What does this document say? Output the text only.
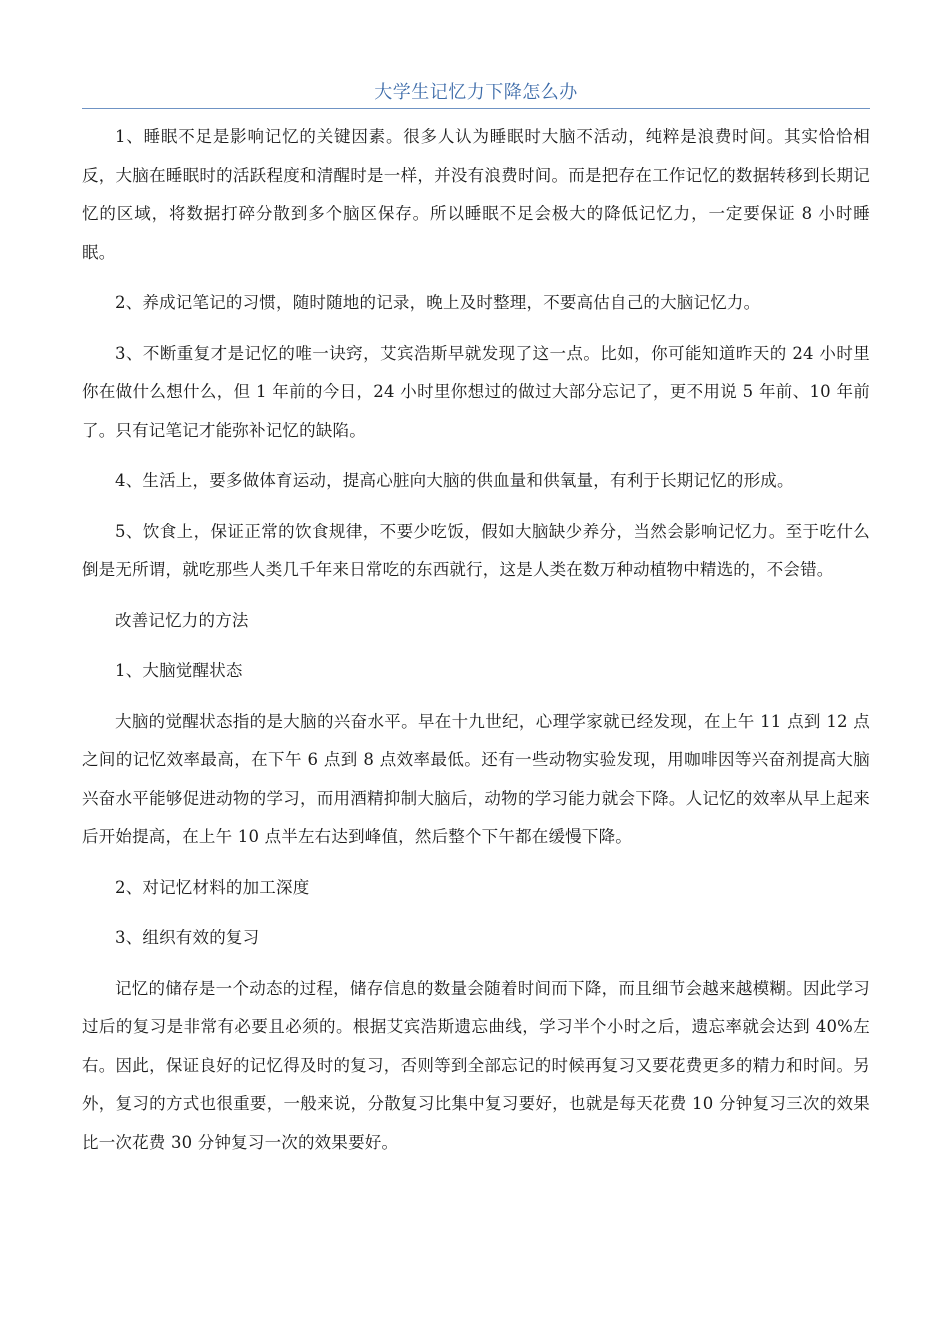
大学生记忆力下降怎么办

1、睡眠不足是影响记忆的关键因素。很多人认为睡眠时大脑不活动，纯粹是浪费时间。其实恰恰相反，大脑在睡眠时的活跃程度和清醒时是一样，并没有浪费时间。而是把存在工作记忆的数据转移到长期记忆的区域，将数据打碎分散到多个脑区保存。所以睡眠不足会极大的降低记忆力，一定要保证 8 小时睡眠。

2、养成记笔记的习惯，随时随地的记录，晚上及时整理，不要高估自己的大脑记忆力。

3、不断重复才是记忆的唯一诀窍，艾宾浩斯早就发现了这一点。比如，你可能知道昨天的 24 小时里你在做什么想什么，但 1 年前的今日，24 小时里你想过的做过大部分忘记了，更不用说 5 年前、10 年前了。只有记笔记才能弥补记忆的缺陷。

4、生活上，要多做体育运动，提高心脏向大脑的供血量和供氧量，有利于长期记忆的形成。

5、饮食上，保证正常的饮食规律，不要少吃饭，假如大脑缺少养分，当然会影响记忆力。至于吃什么倒是无所谓，就吃那些人类几千年来日常吃的东西就行，这是人类在数万种动植物中精选的，不会错。

改善记忆力的方法

1、大脑觉醒状态

大脑的觉醒状态指的是大脑的兴奋水平。早在十九世纪，心理学家就已经发现，在上午 11 点到 12 点之间的记忆效率最高，在下午 6 点到 8 点效率最低。还有一些动物实验发现，用咖啡因等兴奋剂提高大脑兴奋水平能够促进动物的学习，而用酒精抑制大脑后，动物的学习能力就会下降。人记忆的效率从早上起来后开始提高，在上午 10 点半左右达到峰值，然后整个下午都在缓慢下降。

2、对记忆材料的加工深度

3、组织有效的复习

记忆的储存是一个动态的过程，储存信息的数量会随着时间而下降，而且细节会越来越模糊。因此学习过后的复习是非常有必要且必须的。根据艾宾浩斯遗忘曲线，学习半个小时之后，遗忘率就会达到 40%左右。因此，保证良好的记忆得及时的复习，否则等到全部忘记的时候再复习又要花费更多的精力和时间。另外，复习的方式也很重要，一般来说，分散复习比集中复习要好，也就是每天花费 10 分钟复习三次的效果比一次花费 30 分钟复习一次的效果要好。
